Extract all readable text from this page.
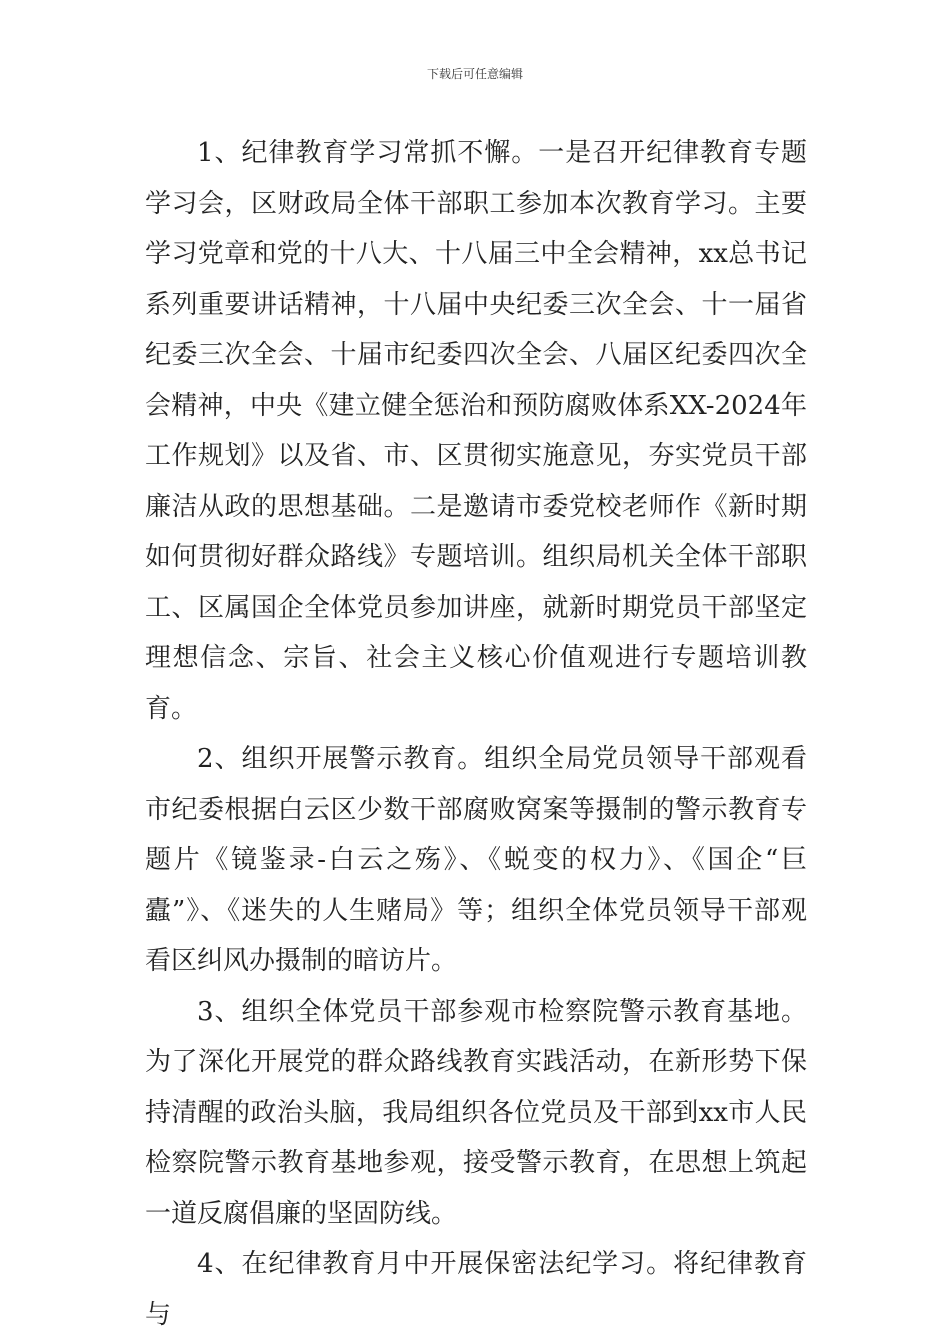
下载后可任意编辑

1、纪律教育学习常抓不懈。一是召开纪律教育专题学习会，区财政局全体干部职工参加本次教育学习。主要学习党章和党的十八大、十八届三中全会精神，xx总书记系列重要讲话精神，十八届中央纪委三次全会、十一届省纪委三次全会、十届市纪委四次全会、八届区纪委四次全会精神，中央《建立健全惩治和预防腐败体系XX-2024年工作规划》以及省、市、区贯彻实施意见，夯实党员干部廉洁从政的思想基础。二是邀请市委党校老师作《新时期如何贯彻好群众路线》专题培训。组织局机关全体干部职工、区属国企全体党员参加讲座，就新时期党员干部坚定理想信念、宗旨、社会主义核心价值观进行专题培训教育。

2、组织开展警示教育。组织全局党员领导干部观看市纪委根据白云区少数干部腐败窝案等摄制的警示教育专题片《镜鉴录-白云之殇》、《蜕变的权力》、《国企“巨蠹”》、《迷失的人生赌局》等；组织全体党员领导干部观看区纠风办摄制的暗访片。

3、组织全体党员干部参观市检察院警示教育基地。为了深化开展党的群众路线教育实践活动，在新形势下保持清醒的政治头脑，我局组织各位党员及干部到xx市人民检察院警示教育基地参观，接受警示教育，在思想上筑起一道反腐倡廉的坚固防线。

4、在纪律教育月中开展保密法纪学习。将纪律教育与
